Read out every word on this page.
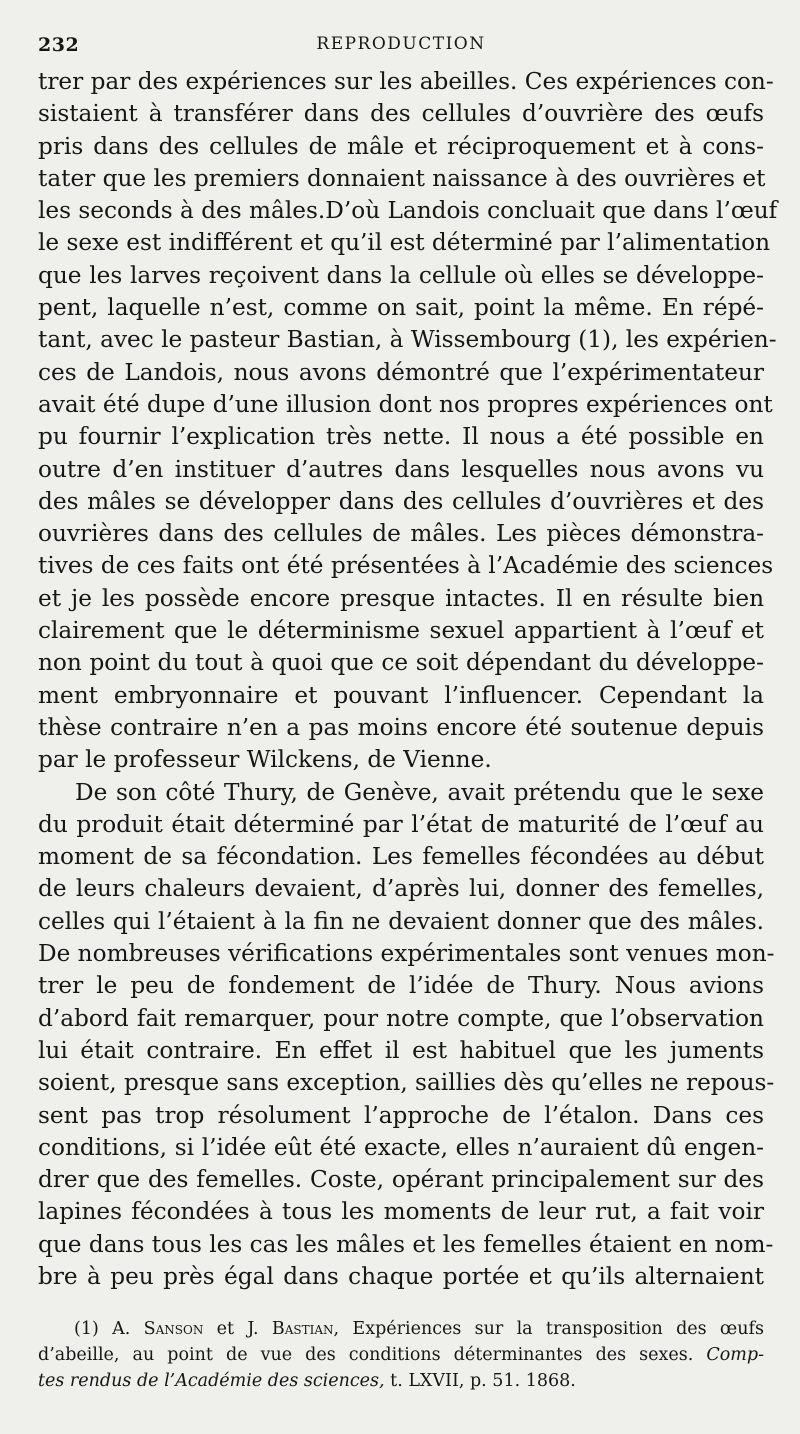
232	REPRODUCTION
trer par des expériences sur les abeilles. Ces expériences con-
sistaient à transférer dans des cellules d’ouvrière des œufs
pris dans des cellules de mâle et réciproquement et à cons-
tater que les premiers donnaient naissance à des ouvrières et
les seconds à des mâles.D’où Landois concluait que dans l’œuf
le sexe est indifférent et qu’il est déterminé par l’alimentation
que les larves reçoivent dans la cellule où elles se développe-
pent, laquelle n’est, comme on sait, point la même. En répé-
tant, avec le pasteur Bastian, à Wissembourg (1), les expérien-
ces de Landois, nous avons démontré que l’expérimentateur
avait été dupe d’une illusion dont nos propres expériences ont
pu fournir l’explication très nette. Il nous a été possible en
outre d’en instituer d’autres dans lesquelles nous avons vu
des mâles se développer dans des cellules d’ouvrières et des
ouvrières dans des cellules de mâles. Les pièces démonstra-
tives de ces faits ont été présentées à l’Académie des sciences
et je les possède encore presque intactes. Il en résulte bien
clairement que le déterminisme sexuel appartient à l’œuf et
non point du tout à quoi que ce soit dépendant du développe-
ment embryonnaire et pouvant l’influencer. Cependant la
thèse contraire n’en a pas moins encore été soutenue depuis
par le professeur Wilckens, de Vienne.
De son côté Thury, de Genève, avait prétendu que le sexe
du produit était déterminé par l’état de maturité de l’œuf au
moment de sa fécondation. Les femelles fécondées au début
de leurs chaleurs devaient, d’après lui, donner des femelles,
celles qui l’étaient à la fin ne devaient donner que des mâles.
De nombreuses vérifications expérimentales sont venues mon-
trer le peu de fondement de l’idée de Thury. Nous avions
d’abord fait remarquer, pour notre compte, que l’observation
lui était contraire. En effet il est habituel que les juments
soient, presque sans exception, saillies dès qu’elles ne repous-
sent pas trop résolument l’approche de l’étalon. Dans ces
conditions, si l’idée eût été exacte, elles n’auraient dû engen-
drer que des femelles. Coste, opérant principalement sur des
lapines fécondées à tous les moments de leur rut, a fait voir
que dans tous les cas les mâles et les femelles étaient en nom-
bre à peu près égal dans chaque portée et qu’ils alternaient
(1) A. Sanson et J. Bastian, Expériences sur la transposition des œufs
d’abeille, au point de vue des conditions déterminantes des sexes. Comp-
tes rendus de l’Académie des sciences, t. LXVII, p. 51. 1868.
